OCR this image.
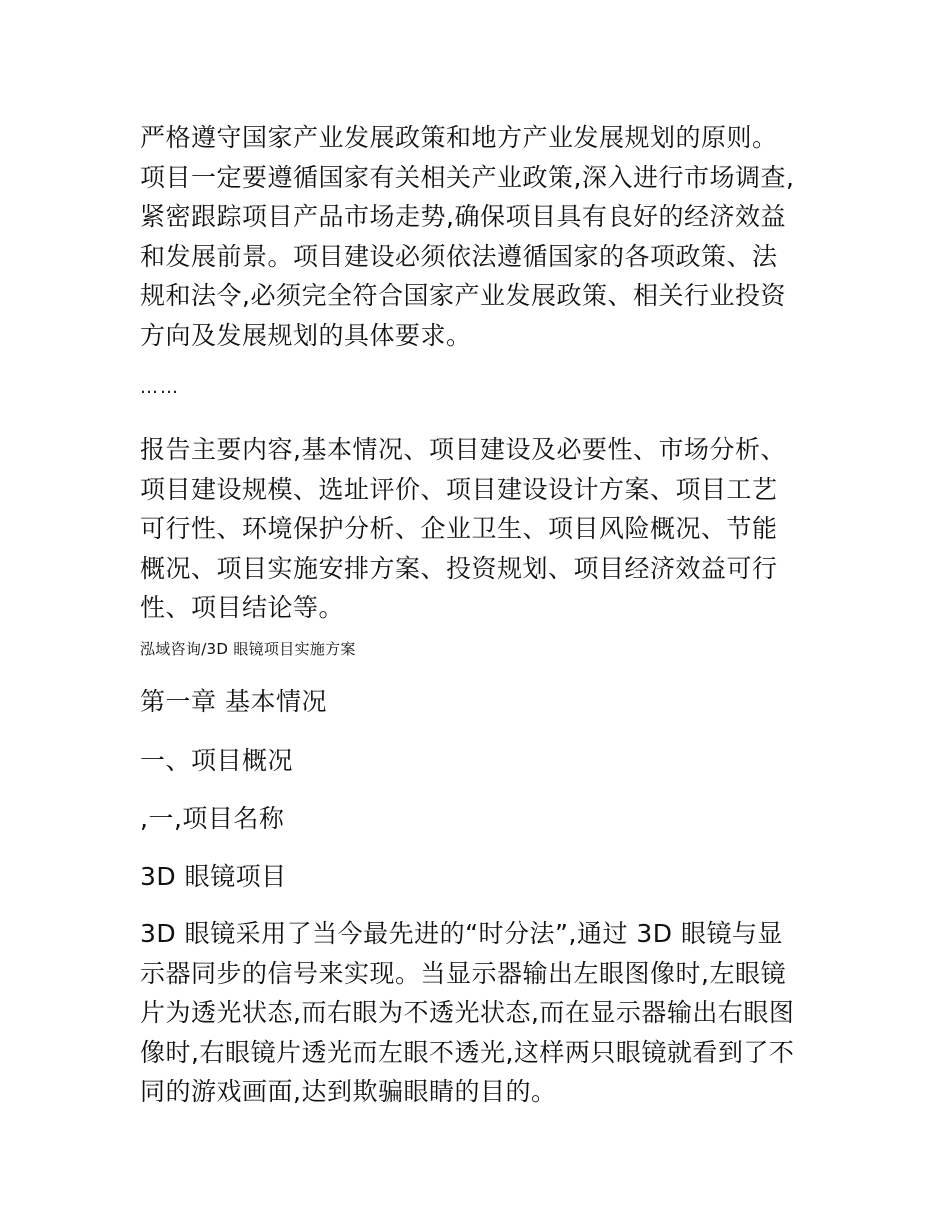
严格遵守国家产业发展政策和地方产业发展规划的原则。
项目一定要遵循国家有关相关产业政策,深入进行市场调查,
紧密跟踪项目产品市场走势,确保项目具有良好的经济效益
和发展前景。项目建设必须依法遵循国家的各项政策、法
规和法令,必须完全符合国家产业发展政策、相关行业投资
方向及发展规划的具体要求。

……

报告主要内容,基本情况、项目建设及必要性、市场分析、
项目建设规模、选址评价、项目建设设计方案、项目工艺
可行性、环境保护分析、企业卫生、项目风险概况、节能
概况、项目实施安排方案、投资规划、项目经济效益可行
性、项目结论等。

泓域咨询/3D 眼镜项目实施方案

第一章 基本情况
一、项目概况
,一,项目名称

3D 眼镜项目

3D 眼镜采用了当今最先进的“时分法”,通过 3D 眼镜与显
示器同步的信号来实现。当显示器输出左眼图像时,左眼镜
片为透光状态,而右眼为不透光状态,而在显示器输出右眼图
像时,右眼镜片透光而左眼不透光,这样两只眼镜就看到了不
同的游戏画面,达到欺骗眼睛的目的。
